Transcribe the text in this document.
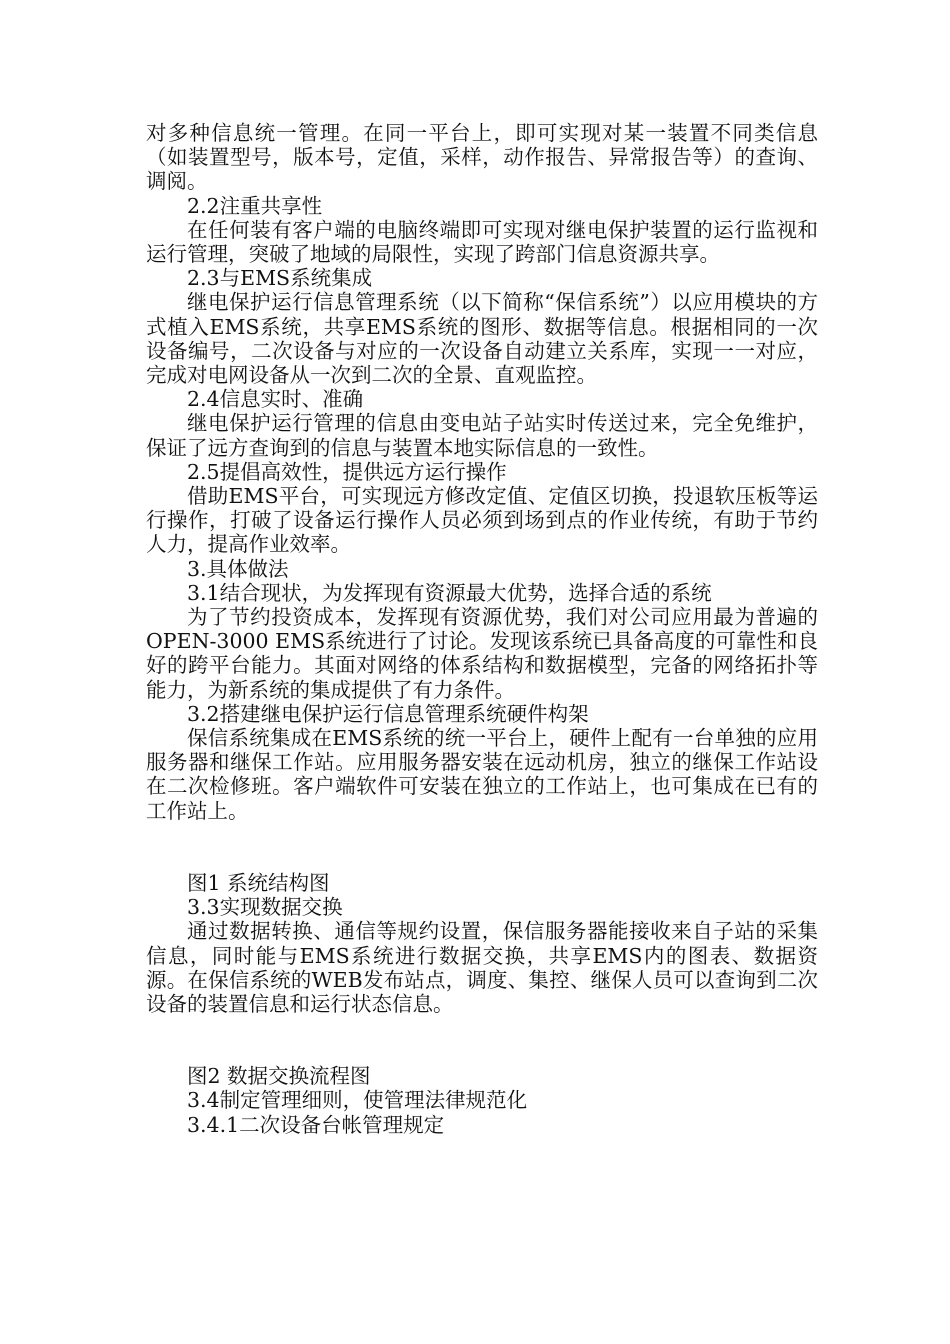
对多种信息统一管理。在同一平台上，即可实现对某一装置不同类信息（如装置型号，版本号，定值，采样，动作报告、异常报告等）的查询、调阅。

2.2注重共享性

在任何装有客户端的电脑终端即可实现对继电保护装置的运行监视和运行管理，突破了地域的局限性，实现了跨部门信息资源共享。

2.3与EMS系统集成

继电保护运行信息管理系统（以下简称“保信系统”）以应用模块的方式植入EMS系统，共享EMS系统的图形、数据等信息。根据相同的一次设备编号，二次设备与对应的一次设备自动建立关系库，实现一一对应，完成对电网设备从一次到二次的全景、直观监控。

2.4信息实时、准确

继电保护运行管理的信息由变电站子站实时传送过来，完全免维护，保证了远方查询到的信息与装置本地实际信息的一致性。

2.5提倡高效性，提供远方运行操作

借助EMS平台，可实现远方修改定值、定值区切换，投退软压板等运行操作，打破了设备运行操作人员必须到场到点的作业传统，有助于节约人力，提高作业效率。

3.具体做法

3.1结合现状，为发挥现有资源最大优势，选择合适的系统

为了节约投资成本，发挥现有资源优势，我们对公司应用最为普遍的OPEN-3000 EMS系统进行了讨论。发现该系统已具备高度的可靠性和良好的跨平台能力。其面对网络的体系结构和数据模型，完备的网络拓扑等能力，为新系统的集成提供了有力条件。

3.2搭建继电保护运行信息管理系统硬件构架

保信系统集成在EMS系统的统一平台上，硬件上配有一台单独的应用服务器和继保工作站。应用服务器安装在远动机房，独立的继保工作站设在二次检修班。客户端软件可安装在独立的工作站上，也可集成在已有的工作站上。

图1 系统结构图

3.3实现数据交换

通过数据转换、通信等规约设置，保信服务器能接收来自子站的采集信息，同时能与EMS系统进行数据交换，共享EMS内的图表、数据资源。在保信系统的WEB发布站点，调度、集控、继保人员可以查询到二次设备的装置信息和运行状态信息。

图2 数据交换流程图

3.4制定管理细则，使管理法律规范化

3.4.1二次设备台帐管理规定
